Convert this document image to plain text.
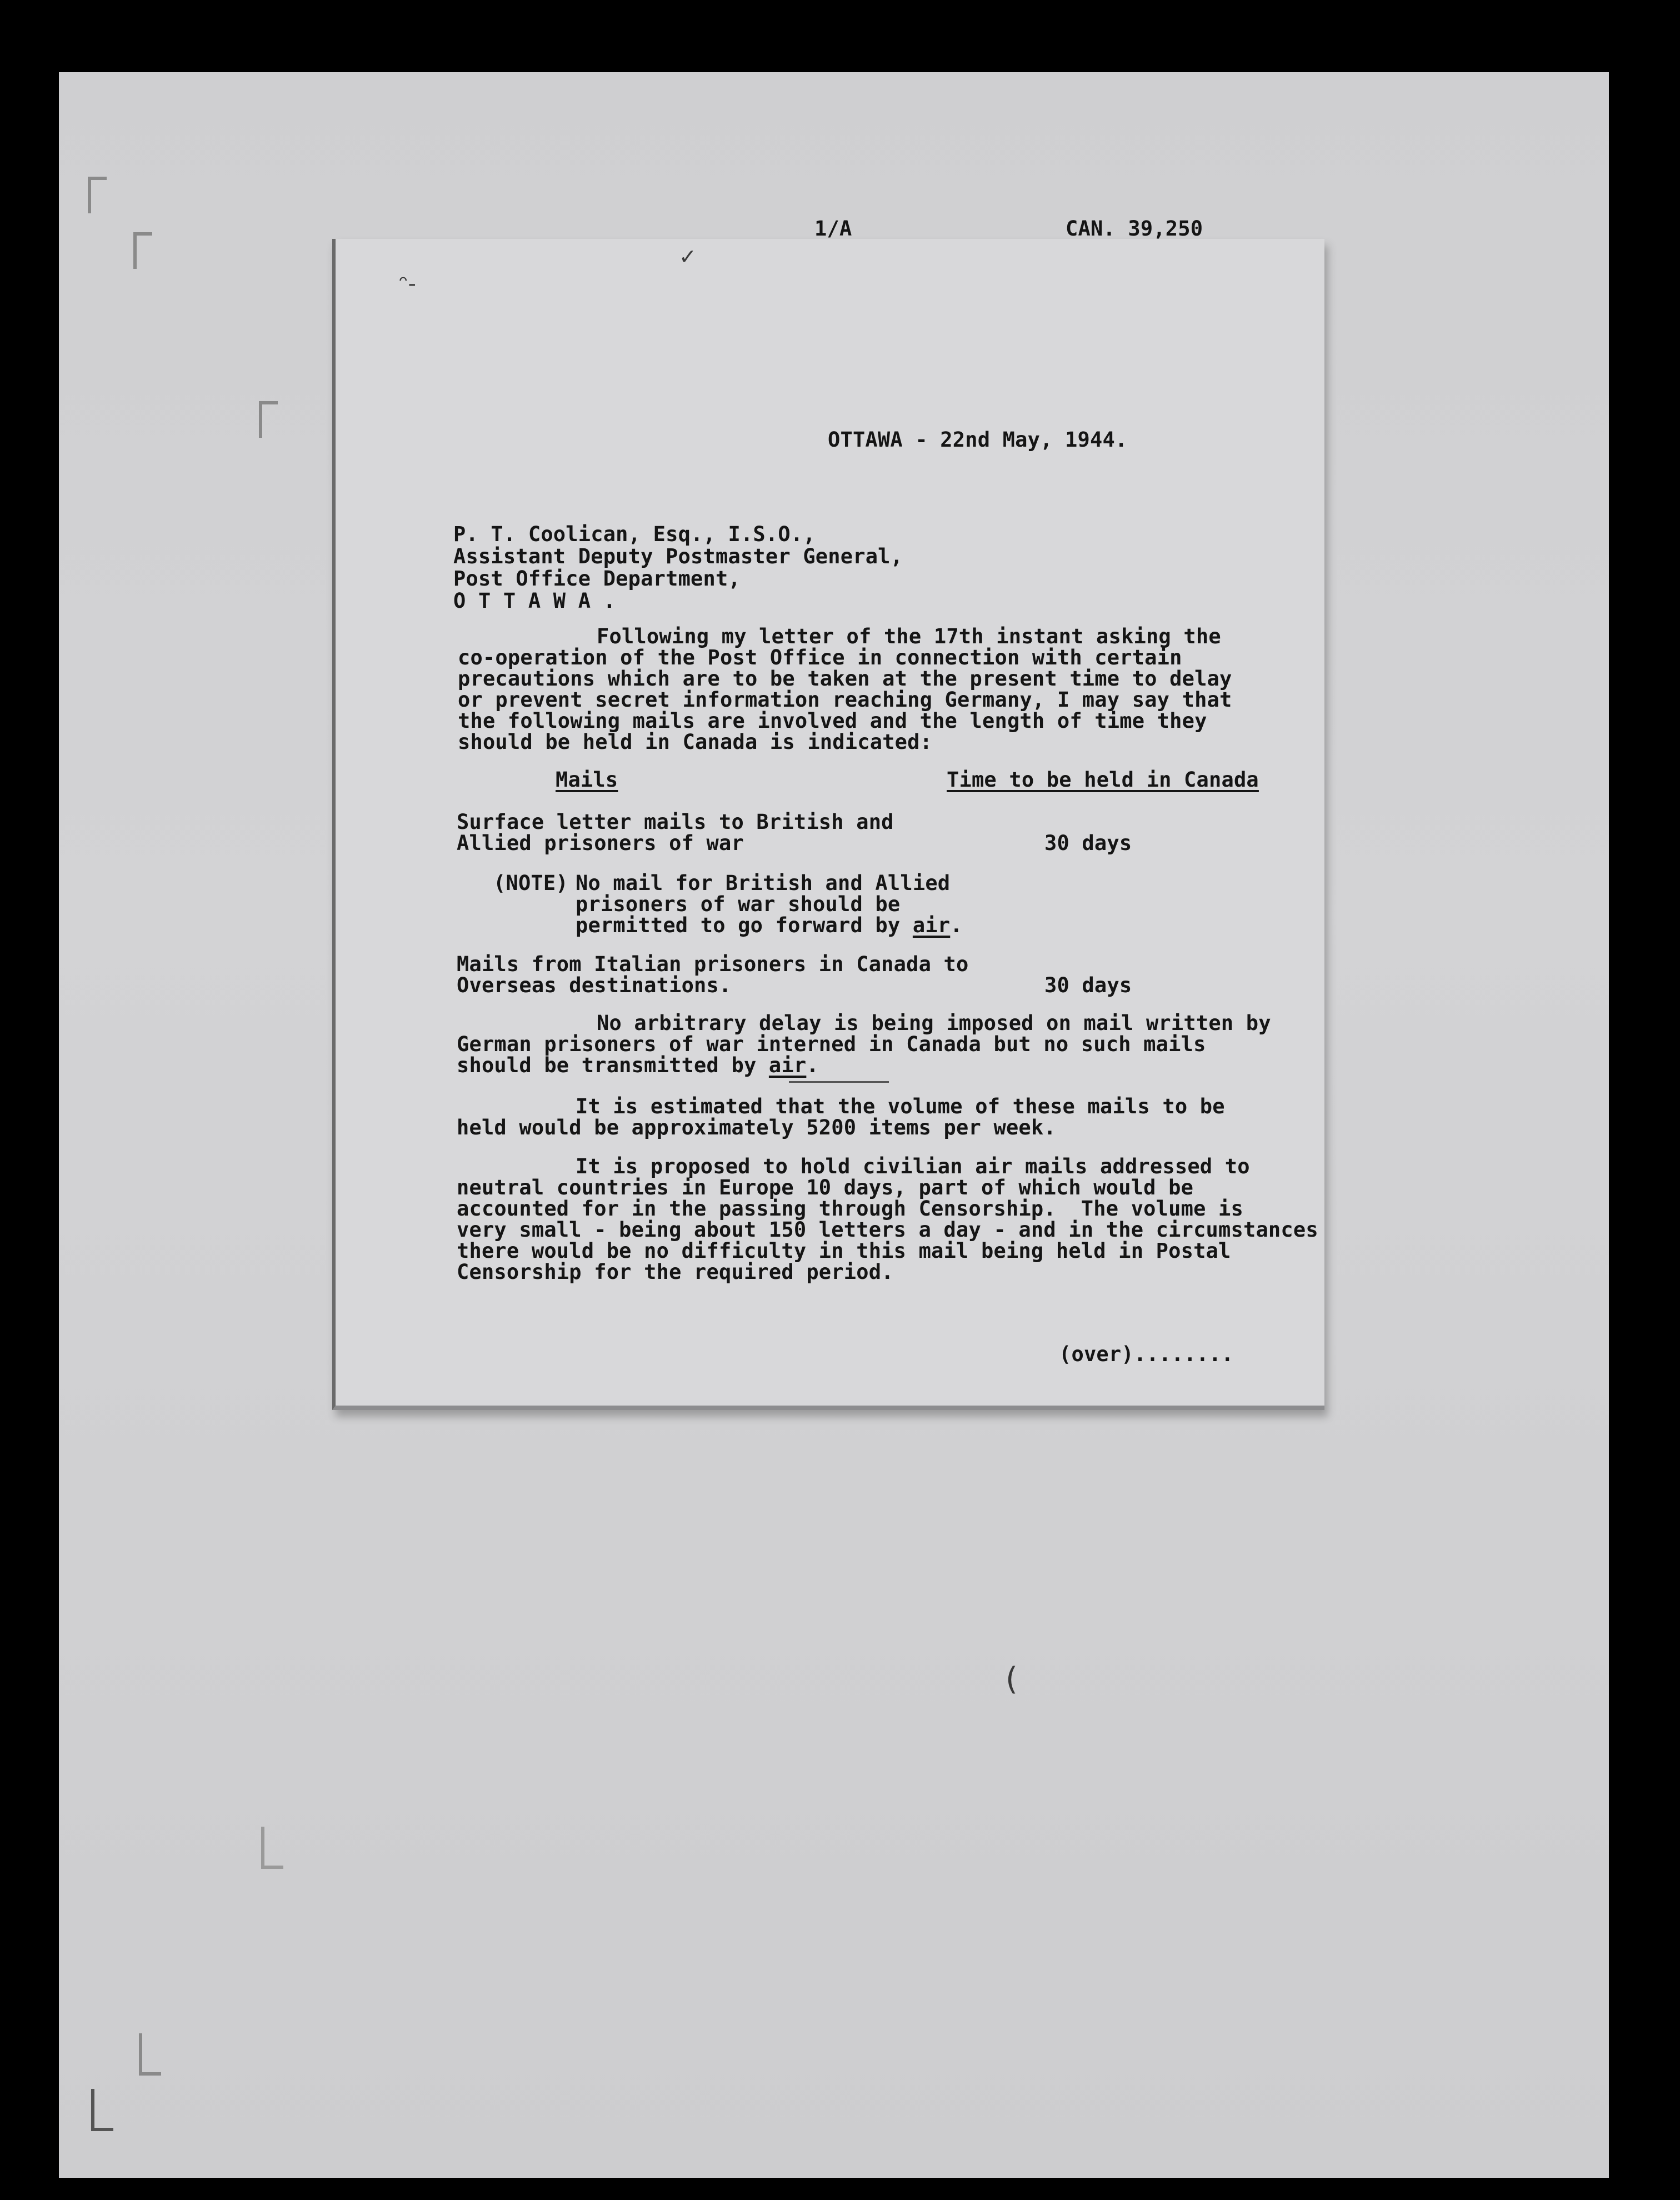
ᵔ-
✓
(
1/A	CAN. 39,250
OTTAWA - 22nd May, 1944.
P. T. Coolican, Esq., I.S.O.,
Assistant Deputy Postmaster General,
Post Office Department,
O T T A W A .
Following my letter of the 17th instant asking the
co-operation of the Post Office in connection with certain
precautions which are to be taken at the present time to delay
or prevent secret information reaching Germany, I may say that
the following mails are involved and the length of time they
should be held in Canada is indicated:
Mails	Time to be held in Canada
Surface letter mails to British and
Allied prisoners of war	30 days
(NOTE) No mail for British and Allied
prisoners of war should be
permitted to go forward by air.
Mails from Italian prisoners in Canada to
Overseas destinations.	30 days
No arbitrary delay is being imposed on mail written by
German prisoners of war interned in Canada but no such mails
should be transmitted by air.
It is estimated that the volume of these mails to be
held would be approximately 5200 items per week.
It is proposed to hold civilian air mails addressed to
neutral countries in Europe 10 days, part of which would be
accounted for in the passing through Censorship.  The volume is
very small - being about 150 letters a day - and in the circumstances
there would be no difficulty in this mail being held in Postal
Censorship for the required period.
(over)........
